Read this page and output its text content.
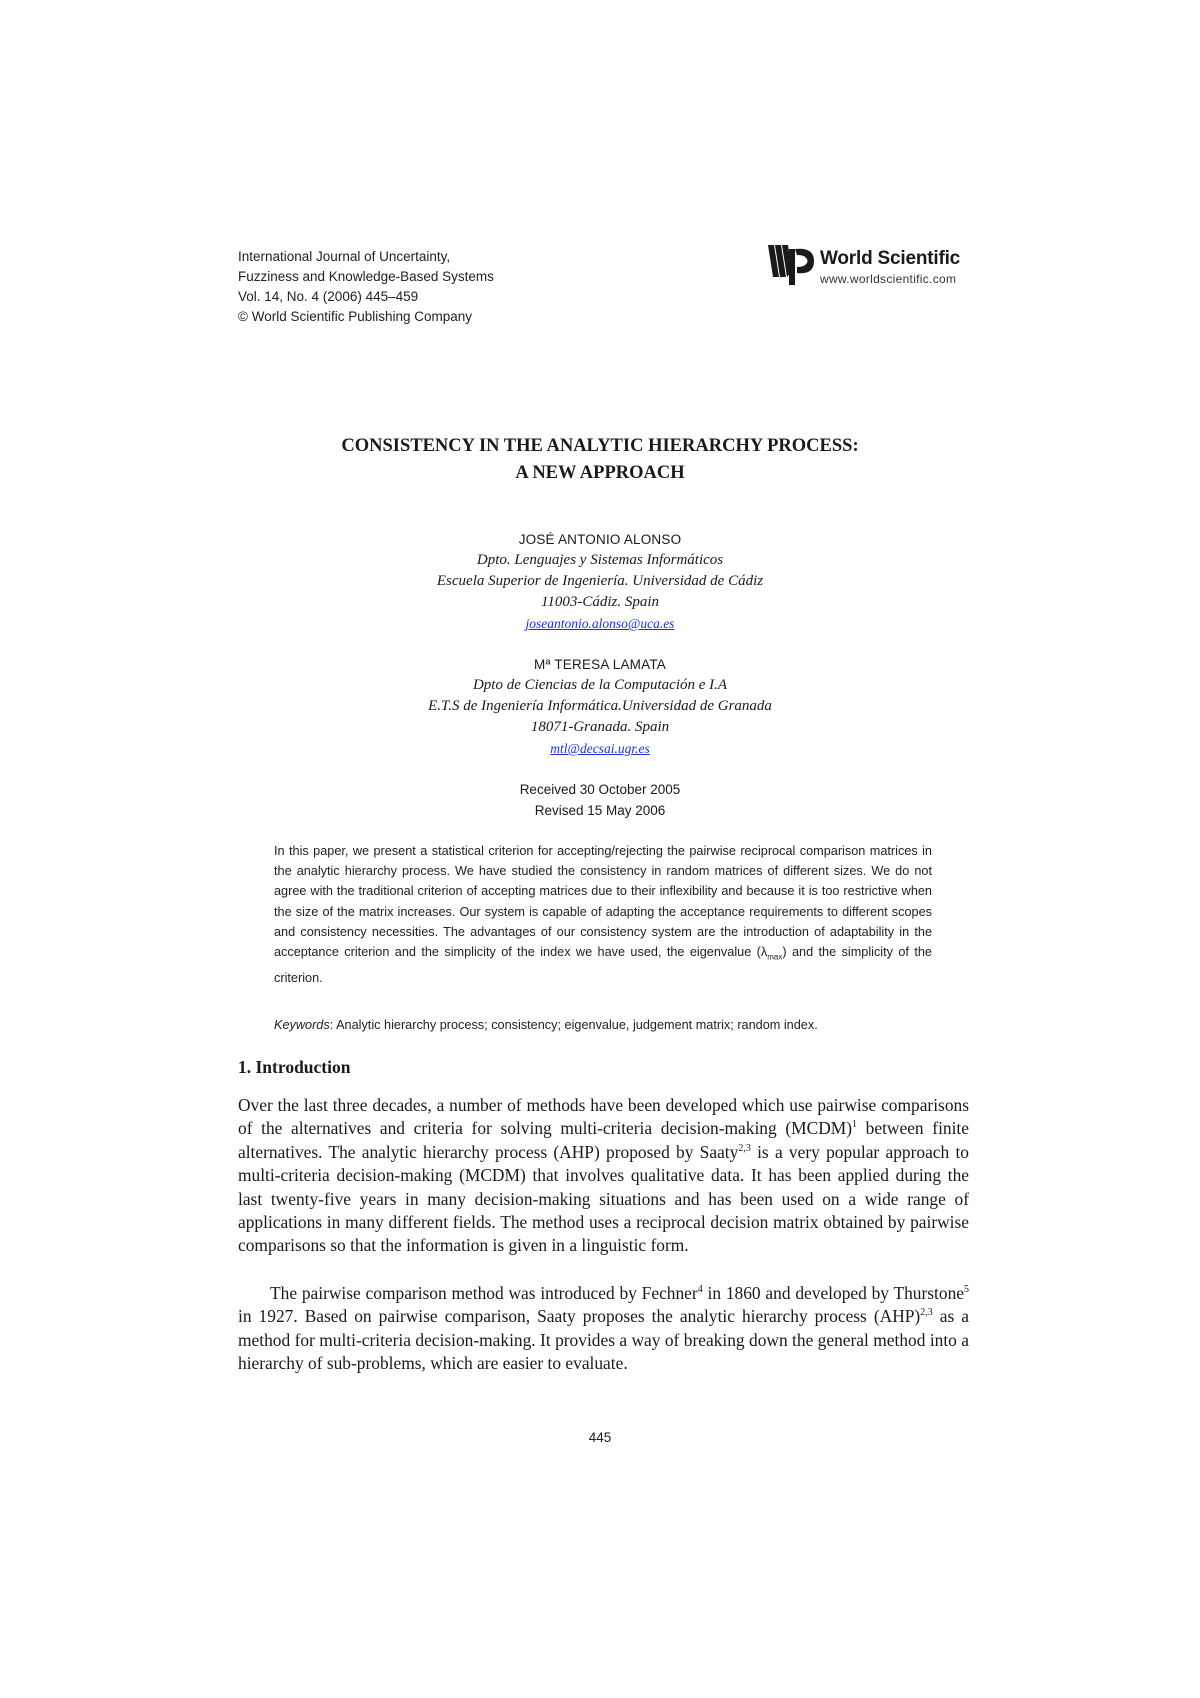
International Journal of Uncertainty,
Fuzziness and Knowledge-Based Systems
Vol. 14, No. 4 (2006) 445–459
© World Scientific Publishing Company
World Scientific
www.worldscientific.com
CONSISTENCY IN THE ANALYTIC HIERARCHY PROCESS:
A NEW APPROACH
JOSÉ ANTONIO ALONSO
Dpto. Lenguajes y Sistemas Informáticos
Escuela Superior de Ingeniería. Universidad de Cádiz
11003-Cádiz. Spain
joseantonio.alonso@uca.es
Mª TERESA LAMATA
Dpto de Ciencias de la Computación e I.A
E.T.S de Ingeniería Informática.Universidad de Granada
18071-Granada. Spain
mtl@decsai.ugr.es
Received 30 October 2005
Revised 15 May 2006
In this paper, we present a statistical criterion for accepting/rejecting the pairwise reciprocal comparison matrices in the analytic hierarchy process. We have studied the consistency in random matrices of different sizes. We do not agree with the traditional criterion of accepting matrices due to their inflexibility and because it is too restrictive when the size of the matrix increases. Our system is capable of adapting the acceptance requirements to different scopes and consistency necessities. The advantages of our consistency system are the introduction of adaptability in the acceptance criterion and the simplicity of the index we have used, the eigenvalue $(\lambda_{max})$ and the simplicity of the criterion.
Keywords: Analytic hierarchy process; consistency; eigenvalue, judgement matrix; random index.
1. Introduction

Over the last three decades, a number of methods have been developed which use pairwise comparisons of the alternatives and criteria for solving multi-criteria decision-making (MCDM)$^1$ between finite alternatives. The analytic hierarchy process (AHP) proposed by Saaty$^{2,3}$ is a very popular approach to multi-criteria decision-making (MCDM) that involves qualitative data. It has been applied during the last twenty-five years in many decision-making situations and has been used on a wide range of applications in many different fields. The method uses a reciprocal decision matrix obtained by pairwise comparisons so that the information is given in a linguistic form.

The pairwise comparison method was introduced by Fechner$^4$ in 1860 and developed by Thurstone$^5$ in 1927. Based on pairwise comparison, Saaty proposes the analytic hierarchy process (AHP)$^{2,3}$ as a method for multi-criteria decision-making. It provides a way of breaking down the general method into a hierarchy of sub-problems, which are easier to evaluate.

445
